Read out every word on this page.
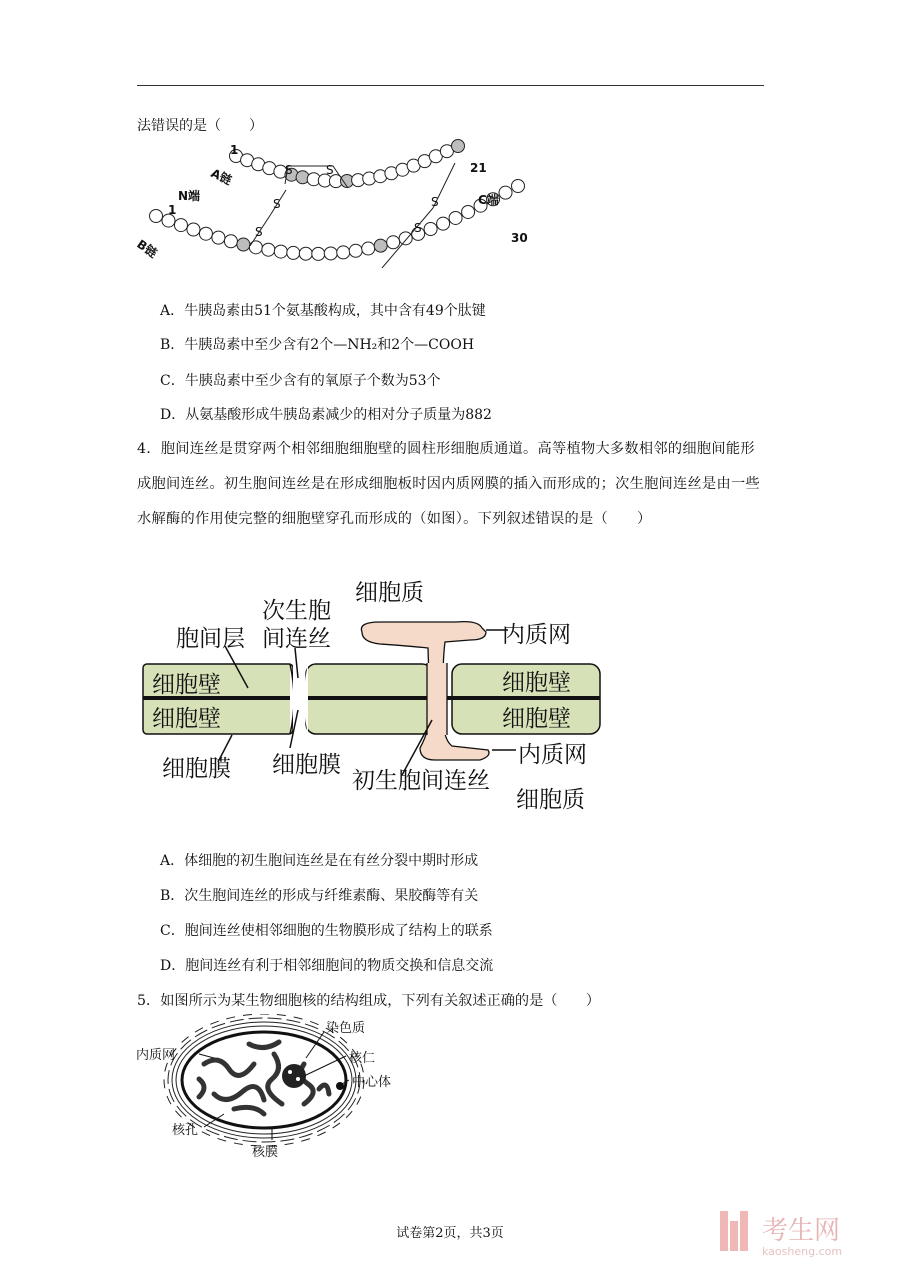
法错误的是（　　）
S	S
S
S
S
S
1
21
1
30
N端	C端
A链
B链
A．牛胰岛素由51个氨基酸构成，其中含有49个肽键
B．牛胰岛素中至少含有2个—NH₂和2个—COOH
C．牛胰岛素中至少含有的氧原子个数为53个
D．从氨基酸形成牛胰岛素减少的相对分子质量为882
4．胞间连丝是贯穿两个相邻细胞细胞壁的圆柱形细胞质通道。高等植物大多数相邻的细胞间能形成胞间连丝。初生胞间连丝是在形成细胞板时因内质网膜的插入而形成的；次生胞间连丝是由一些水解酶的作用使完整的细胞壁穿孔而形成的（如图）。下列叙述错误的是（　　）
细胞质
次生胞
间连丝
胞间层	内质网
细胞壁
细胞壁
细胞壁
细胞壁
细胞膜 细胞膜
初生胞间连丝
内质网
细胞质
A．体细胞的初生胞间连丝是在有丝分裂中期时形成
B．次生胞间连丝的形成与纤维素酶、果胶酶等有关
C．胞间连丝使相邻细胞的生物膜形成了结构上的联系
D．胞间连丝有利于相邻细胞间的物质交换和信息交流
5．如图所示为某生物细胞核的结构组成，下列有关叙述正确的是（　　）
染色质
内质网	核仁
中心体
核孔
核膜
试卷第2页，共3页	考生网
kaosheng.com
